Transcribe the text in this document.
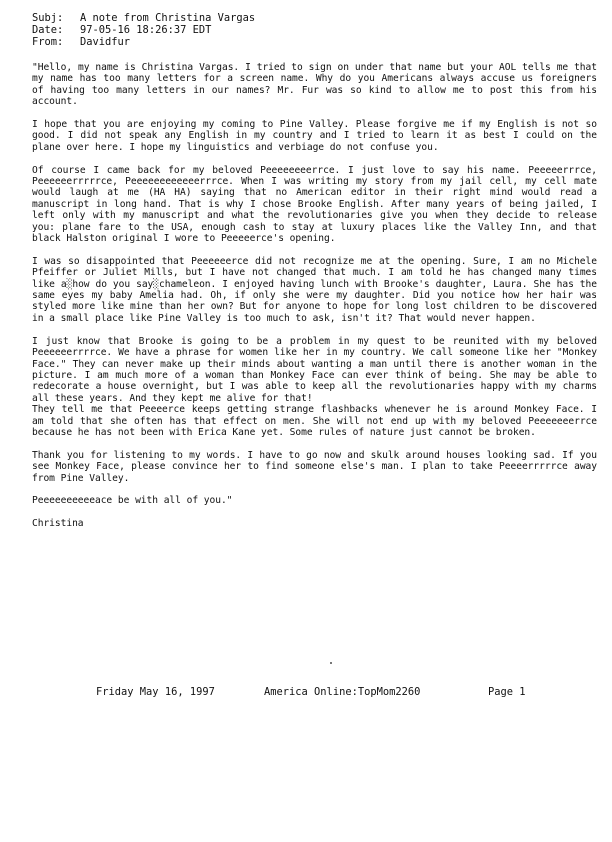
Subj:	A note from Christina Vargas
Date:	97-05-16 18:26:37 EDT
From:	Davidfur

"Hello, my name is Christina Vargas. I tried to sign on under that name but your AOL tells me that my name has too many letters for a screen name. Why do you Americans always accuse us foreigners of having too many letters in our names? Mr. Fur was so kind to allow me to post this from his account.

I hope that you are enjoying my coming to Pine Valley. Please forgive me if my English is not so good. I did not speak any English in my country and I tried to learn it as best I could on the plane over here. I hope my linguistics and verbiage do not confuse you.

Of course I came back for my beloved Peeeeeeeerrce. I just love to say his name. Peeeeerrrce, Peeeeeerrrrrce, Peeeeeeeeeeeerrrce. When I was writing my story from my jail cell, my cell mate would laugh at me (HA HA) saying that no American editor in their right mind would read a manuscript in long hand. That is why I chose Brooke English. After many years of being jailed, I left only with my manuscript and what the revolutionaries give you when they decide to release you: plane fare to the USA, enough cash to stay at luxury places like the Valley Inn, and that black Halston original I wore to Peeeeerce's opening.

I was so disappointed that Peeeeeerce did not recognize me at the opening. Sure, I am no Michele Pfeiffer or Juliet Mills, but I have not changed that much. I am told he has changed many times like a░how do you say░chameleon. I enjoyed having lunch with Brooke's daughter, Laura. She has the same eyes my baby Amelia had. Oh, if only she were my daughter. Did you notice how her hair was styled more like mine than her own? But for anyone to hope for long lost children to be discovered in a small place like Pine Valley is too much to ask, isn't it? That would never happen.

I just know that Brooke is going to be a problem in my quest to be reunited with my beloved Peeeeeerrrrce. We have a phrase for women like her in my country. We call someone like her "Monkey Face." They can never make up their minds about wanting a man until there is another woman in the picture. I am much more of a woman than Monkey Face can ever think of being. She may be able to redecorate a house overnight, but I was able to keep all the revolutionaries happy with my charms all these years. And they kept me alive for that!

They tell me that Peeeerce keeps getting strange flashbacks whenever he is around Monkey Face. I am told that she often has that effect on men. She will not end up with my beloved Peeeeeeerrce because he has not been with Erica Kane yet. Some rules of nature just cannot be broken.

Thank you for listening to my words. I have to go now and skulk around houses looking sad. If you see Monkey Face, please convince her to find someone else's man. I plan to take Peeeerrrrrce away from Pine Valley.

Peeeeeeeeeeace be with all of you."

Christina

Friday May 16, 1997

	America Online:TopMom2260

	Page 1
